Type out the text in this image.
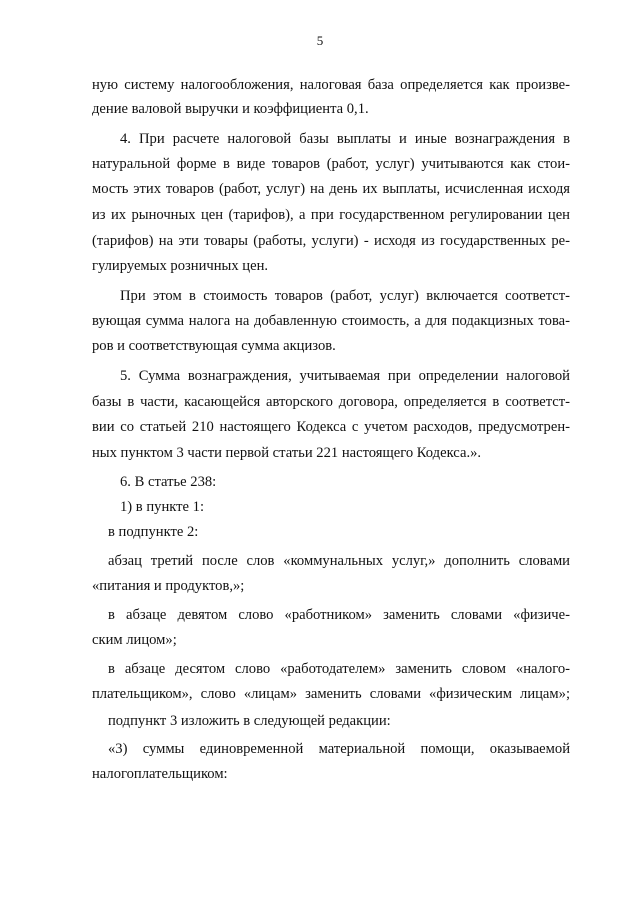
5
ную систему налогообложения, налоговая база определяется как произве-
дение валовой выручки и коэффициента 0,1.
4. При расчете налоговой базы выплаты и иные вознаграждения в
натуральной форме в виде товаров (работ, услуг) учитываются как стои-
мость этих товаров (работ, услуг) на день их выплаты, исчисленная исходя
из их рыночных цен (тарифов), а при государственном регулировании цен
(тарифов) на эти товары (работы, услуги) - исходя из государственных ре-
гулируемых розничных цен.
При этом в стоимость товаров (работ, услуг) включается соответст-
вующая сумма налога на добавленную стоимость, а для подакцизных това-
ров и соответствующая сумма акцизов.
5. Сумма вознаграждения, учитываемая при определении налоговой
базы в части, касающейся авторского договора, определяется в соответст-
вии со статьей 210 настоящего Кодекса с учетом расходов, предусмотрен-
ных пунктом 3 части первой статьи 221 настоящего Кодекса.».
6. В статье 238:
1) в пункте 1:
в подпункте 2:
абзац третий после слов «коммунальных услуг,» дополнить словами
«питания и продуктов,»;
в абзаце девятом слово «работником» заменить словами «физиче-
ским лицом»;
в абзаце десятом слово «работодателем» заменить словом «налого-
плательщиком», слово «лицам» заменить словами «физическим лицам»;
подпункт 3 изложить в следующей редакции:
«3) суммы единовременной материальной помощи, оказываемой
налогоплательщиком:
